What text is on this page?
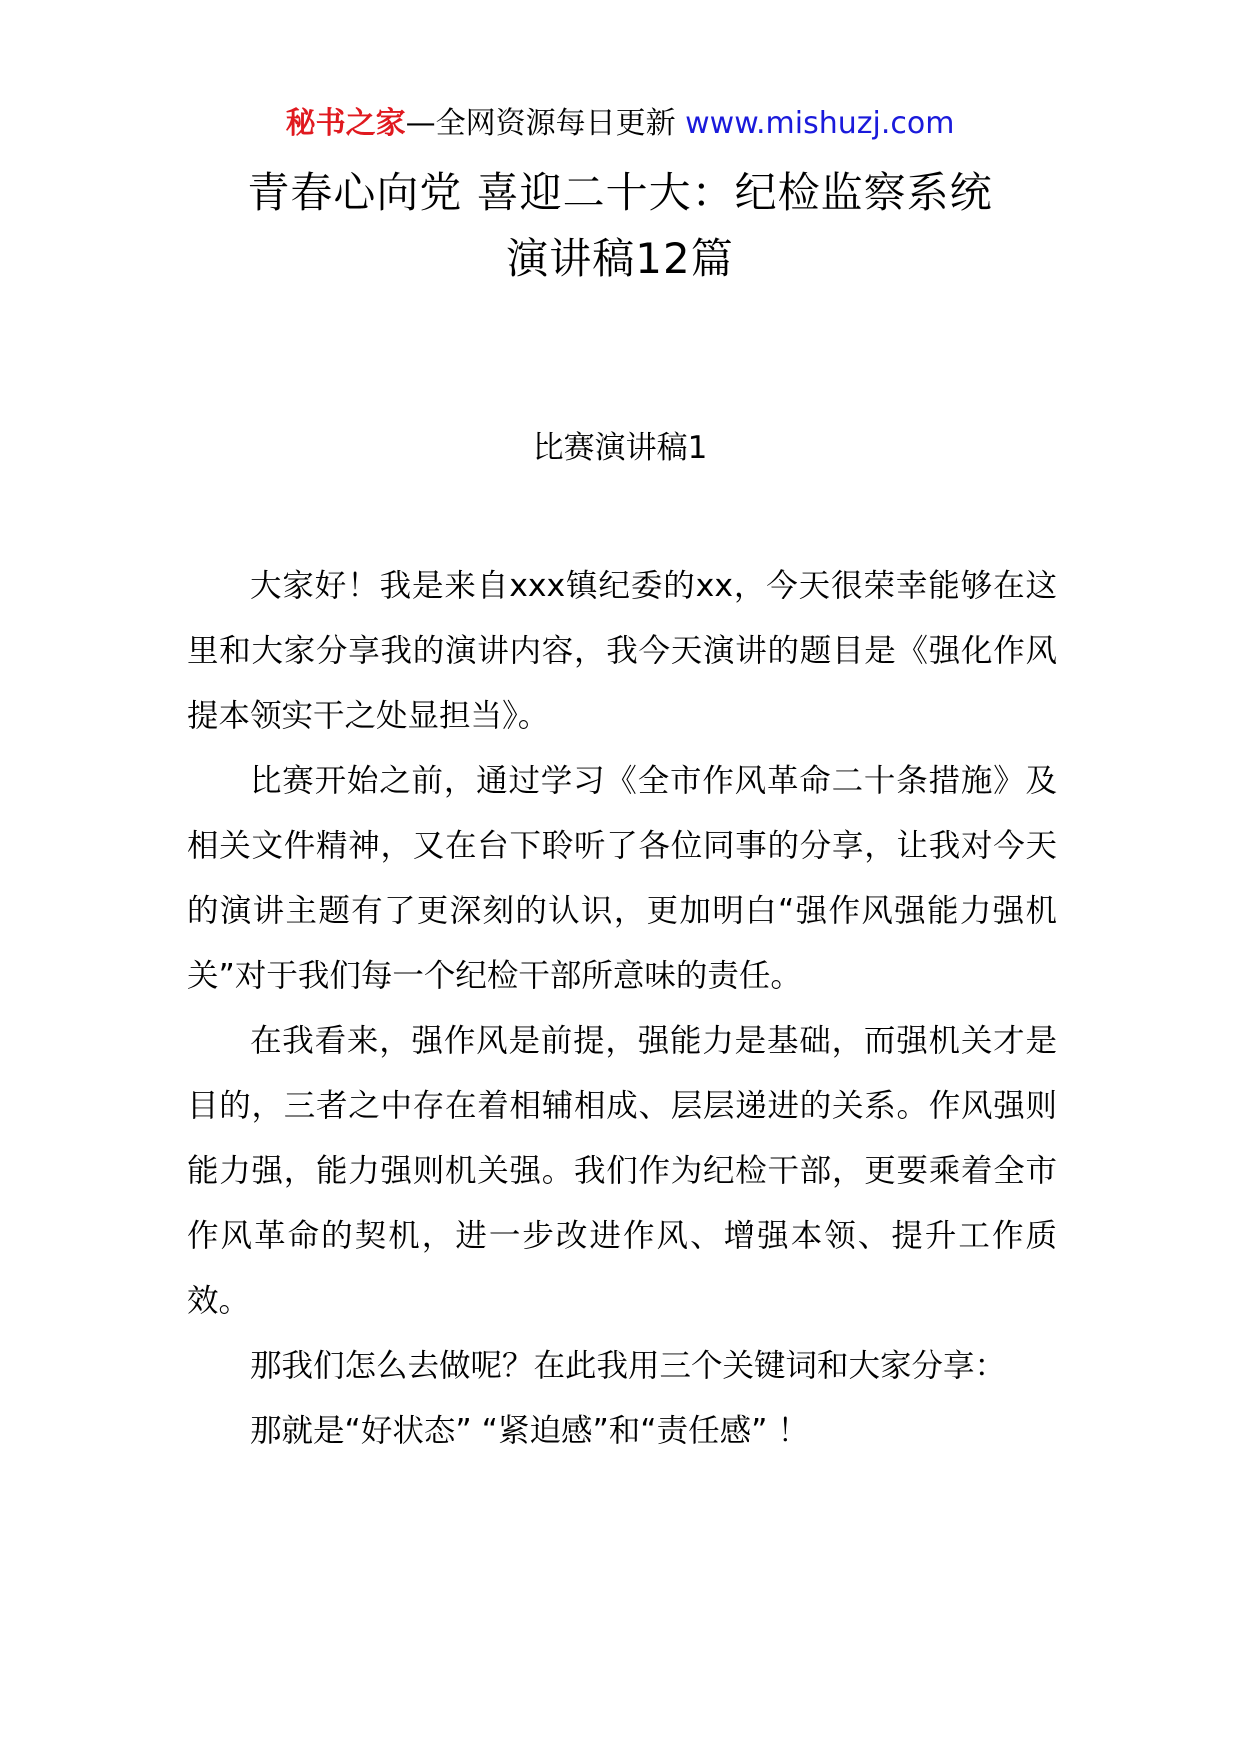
秘书之家—全网资源每日更新 www.mishuzj.com
青春心向党 喜迎二十大：纪检监察系统
演讲稿12篇
比赛演讲稿1

大家好！我是来自xxx镇纪委的xx，今天很荣幸能够在这里和大家分享我的演讲内容，我今天演讲的题目是《强化作风提本领实干之处显担当》。

比赛开始之前，通过学习《全市作风革命二十条措施》及相关文件精神，又在台下聆听了各位同事的分享，让我对今天的演讲主题有了更深刻的认识，更加明白“强作风强能力强机关”对于我们每一个纪检干部所意味的责任。

在我看来，强作风是前提，强能力是基础，而强机关才是目的，三者之中存在着相辅相成、层层递进的关系。作风强则能力强，能力强则机关强。我们作为纪检干部，更要乘着全市作风革命的契机，进一步改进作风、增强本领、提升工作质效。

那我们怎么去做呢？在此我用三个关键词和大家分享：

那就是“好状态” “紧迫感”和“责任感” ！
